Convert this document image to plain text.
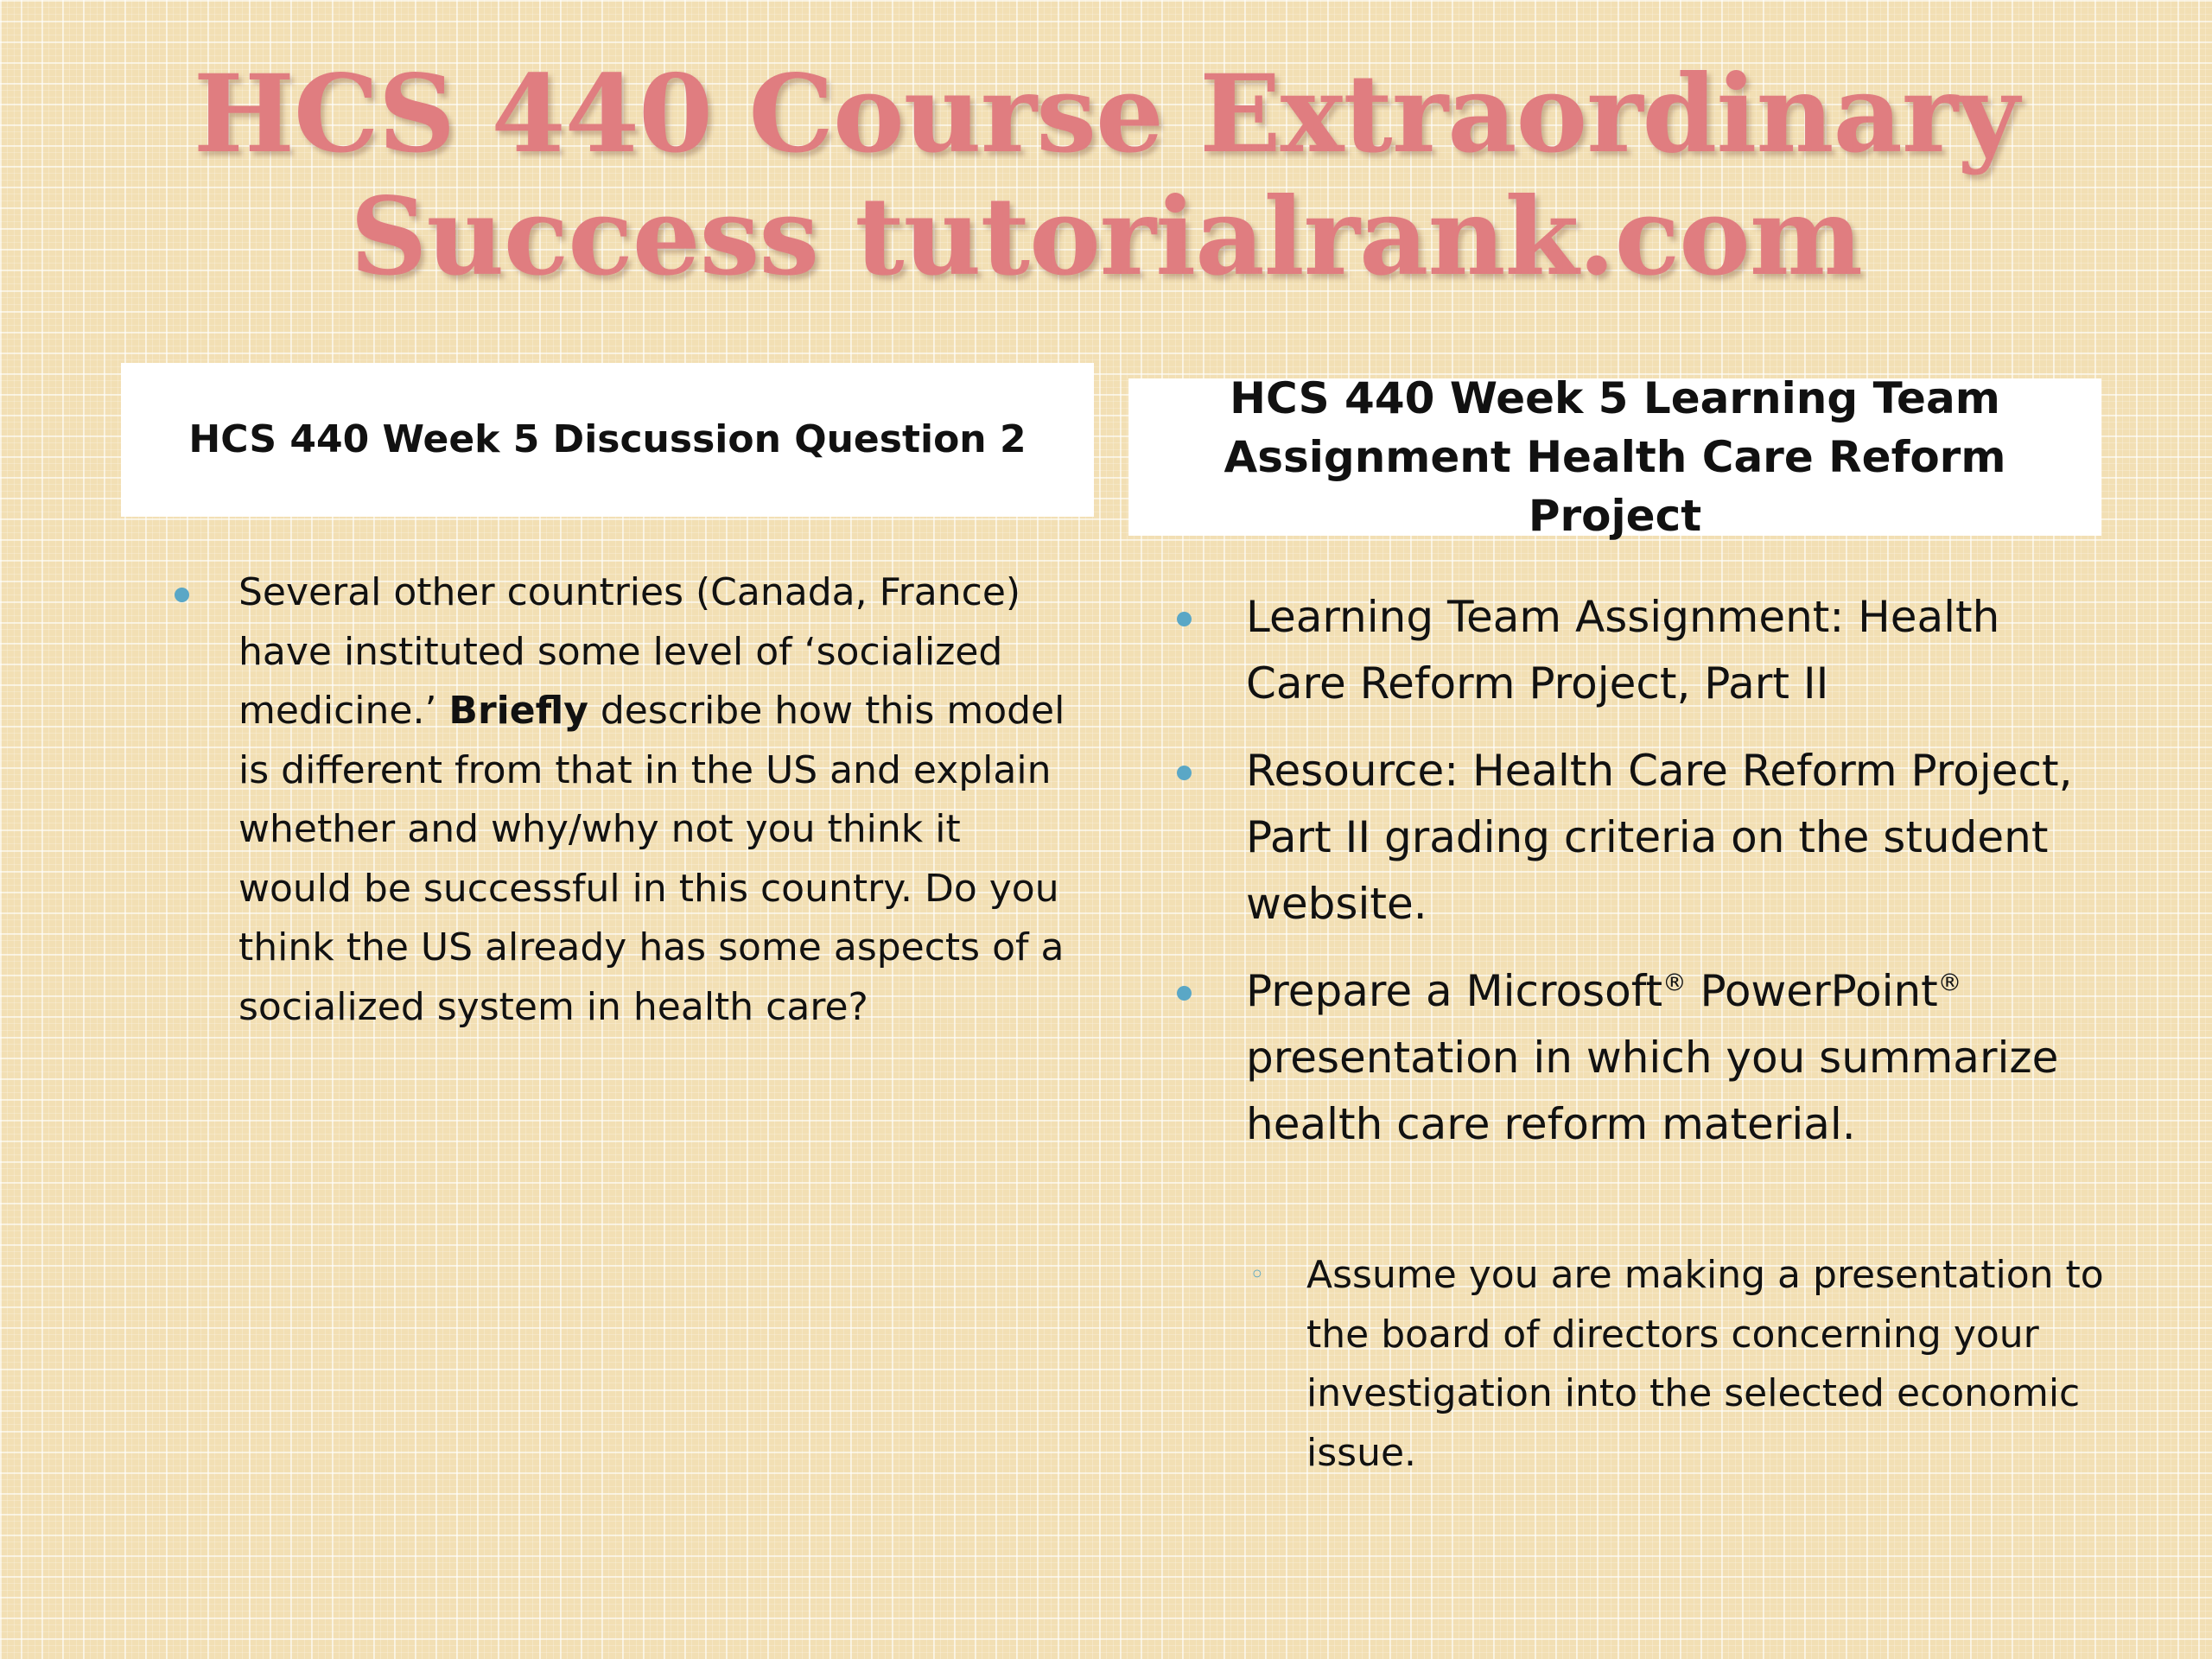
HCS 440 Course Extraordinary
Success tutorialrank.com
HCS 440 Week 5 Discussion Question 2
HCS 440 Week 5 Learning Team Assignment Health Care Reform Project
Several other countries (Canada, France) have instituted some level of ‘socialized medicine.’ Briefly describe how this model is different from that in the US and explain whether and why/why not you think it would be successful in this country. Do you think the US already has some aspects of a socialized system in health care?
Learning Team Assignment: Health Care Reform Project, Part II
Resource: Health Care Reform Project, Part II grading criteria on the student website.
Prepare a Microsoft® PowerPoint® presentation in which you summarize health care reform material.
◦ Assume you are making a presentation to the board of directors concerning your investigation into the selected economic issue.
